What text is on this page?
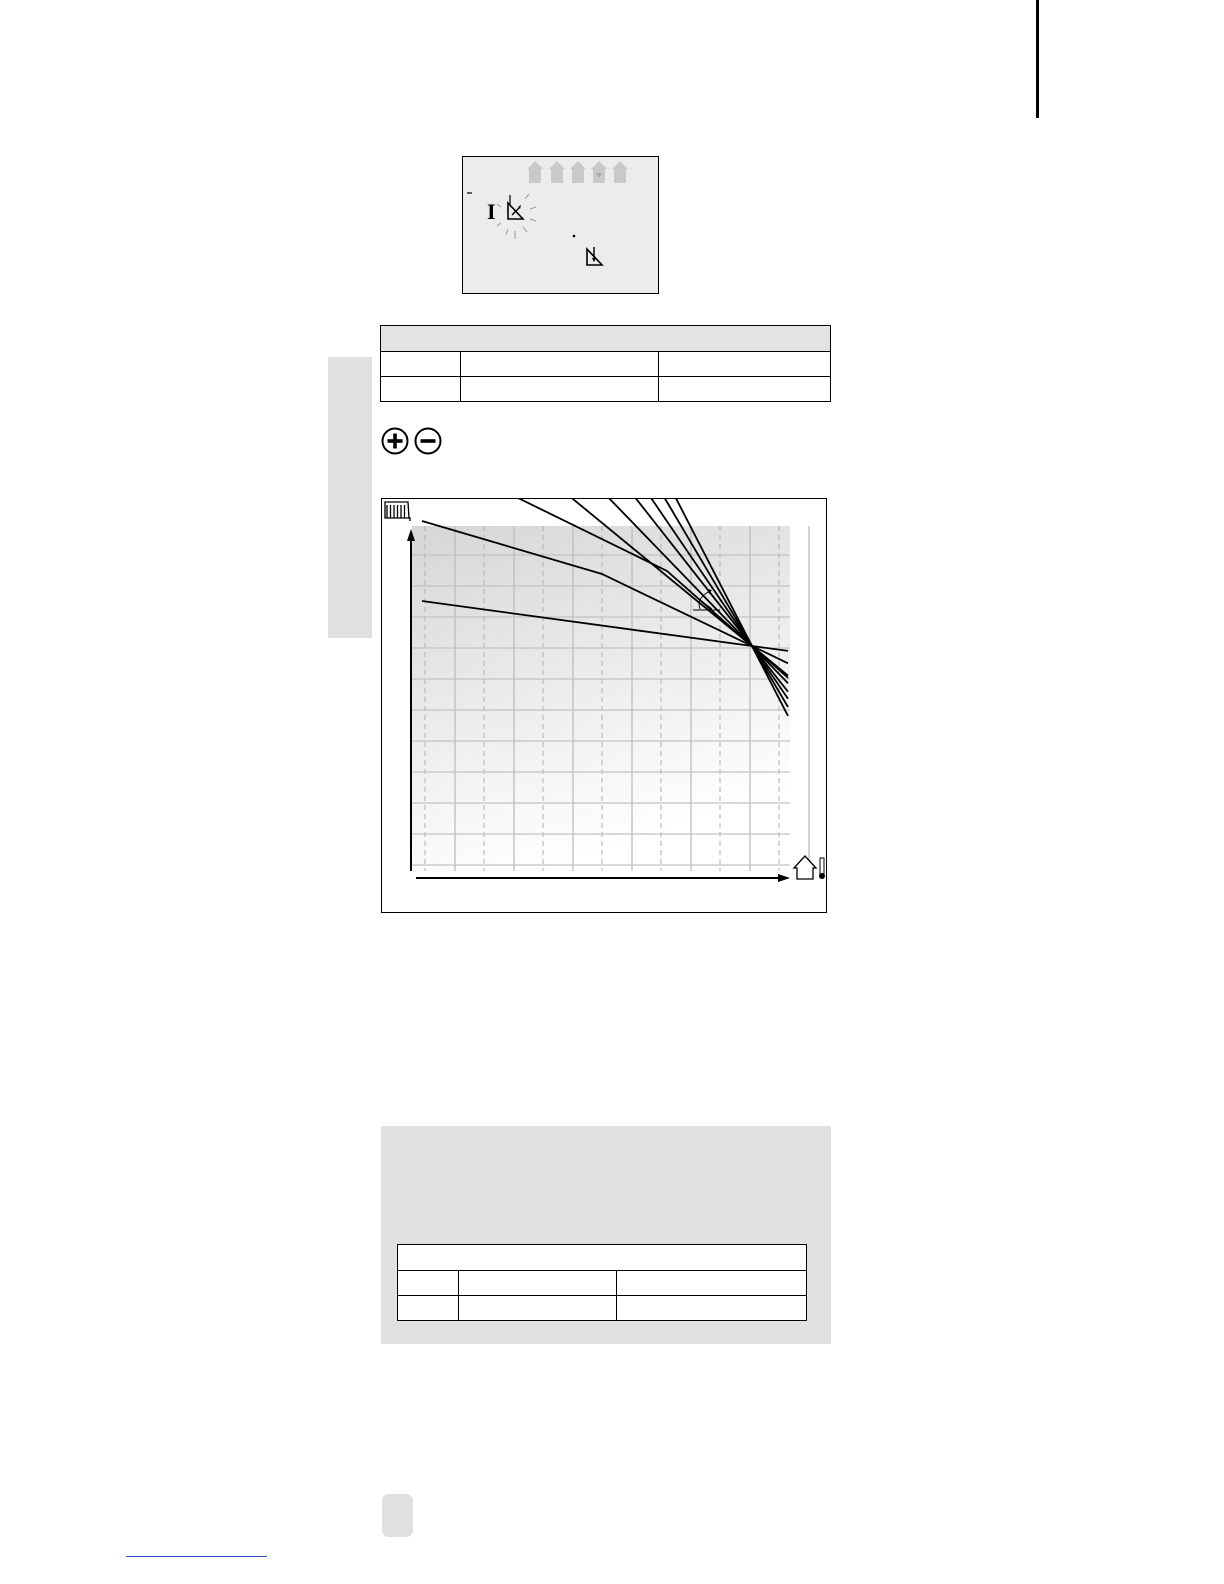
I
